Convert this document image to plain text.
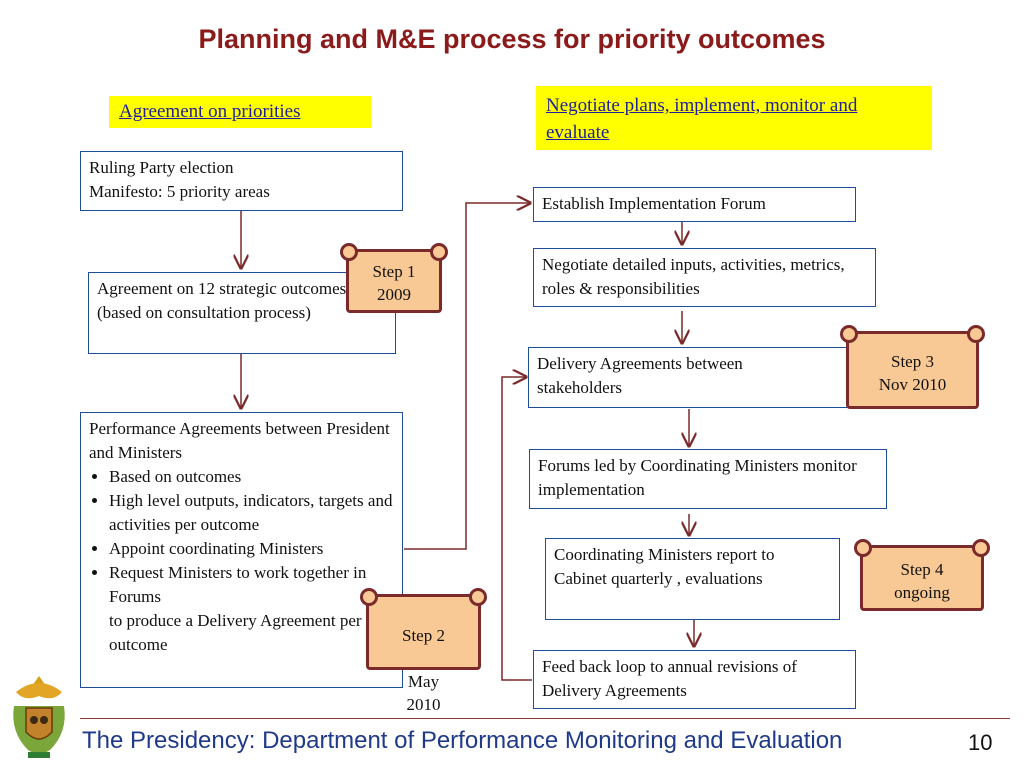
Planning and M&E process for priority outcomes
Agreement on priorities	Negotiate plans, implement, monitor and evaluate
Ruling Party election
Manifesto: 5 priority areas
Agreement on 12 strategic outcomes
(based on consultation process)
Performance Agreements between President and Ministers
• Based on outcomes
• High level outputs, indicators, targets and activities per outcome
• Appoint coordinating Ministers
• Request Ministers to work together in Forums
to produce a Delivery Agreement per outcome
Establish Implementation Forum
Negotiate detailed inputs, activities, metrics, roles & responsibilities
Delivery Agreements between stakeholders
Forums led by Coordinating Ministers monitor implementation
Coordinating Ministers report to Cabinet quarterly , evaluations
Feed back loop to annual revisions of Delivery Agreements
Step 1
2009

Step 2

May
2010

Step 3
Nov 2010
Step 4
ongoing
The Presidency: Department of Performance Monitoring and Evaluation	10
